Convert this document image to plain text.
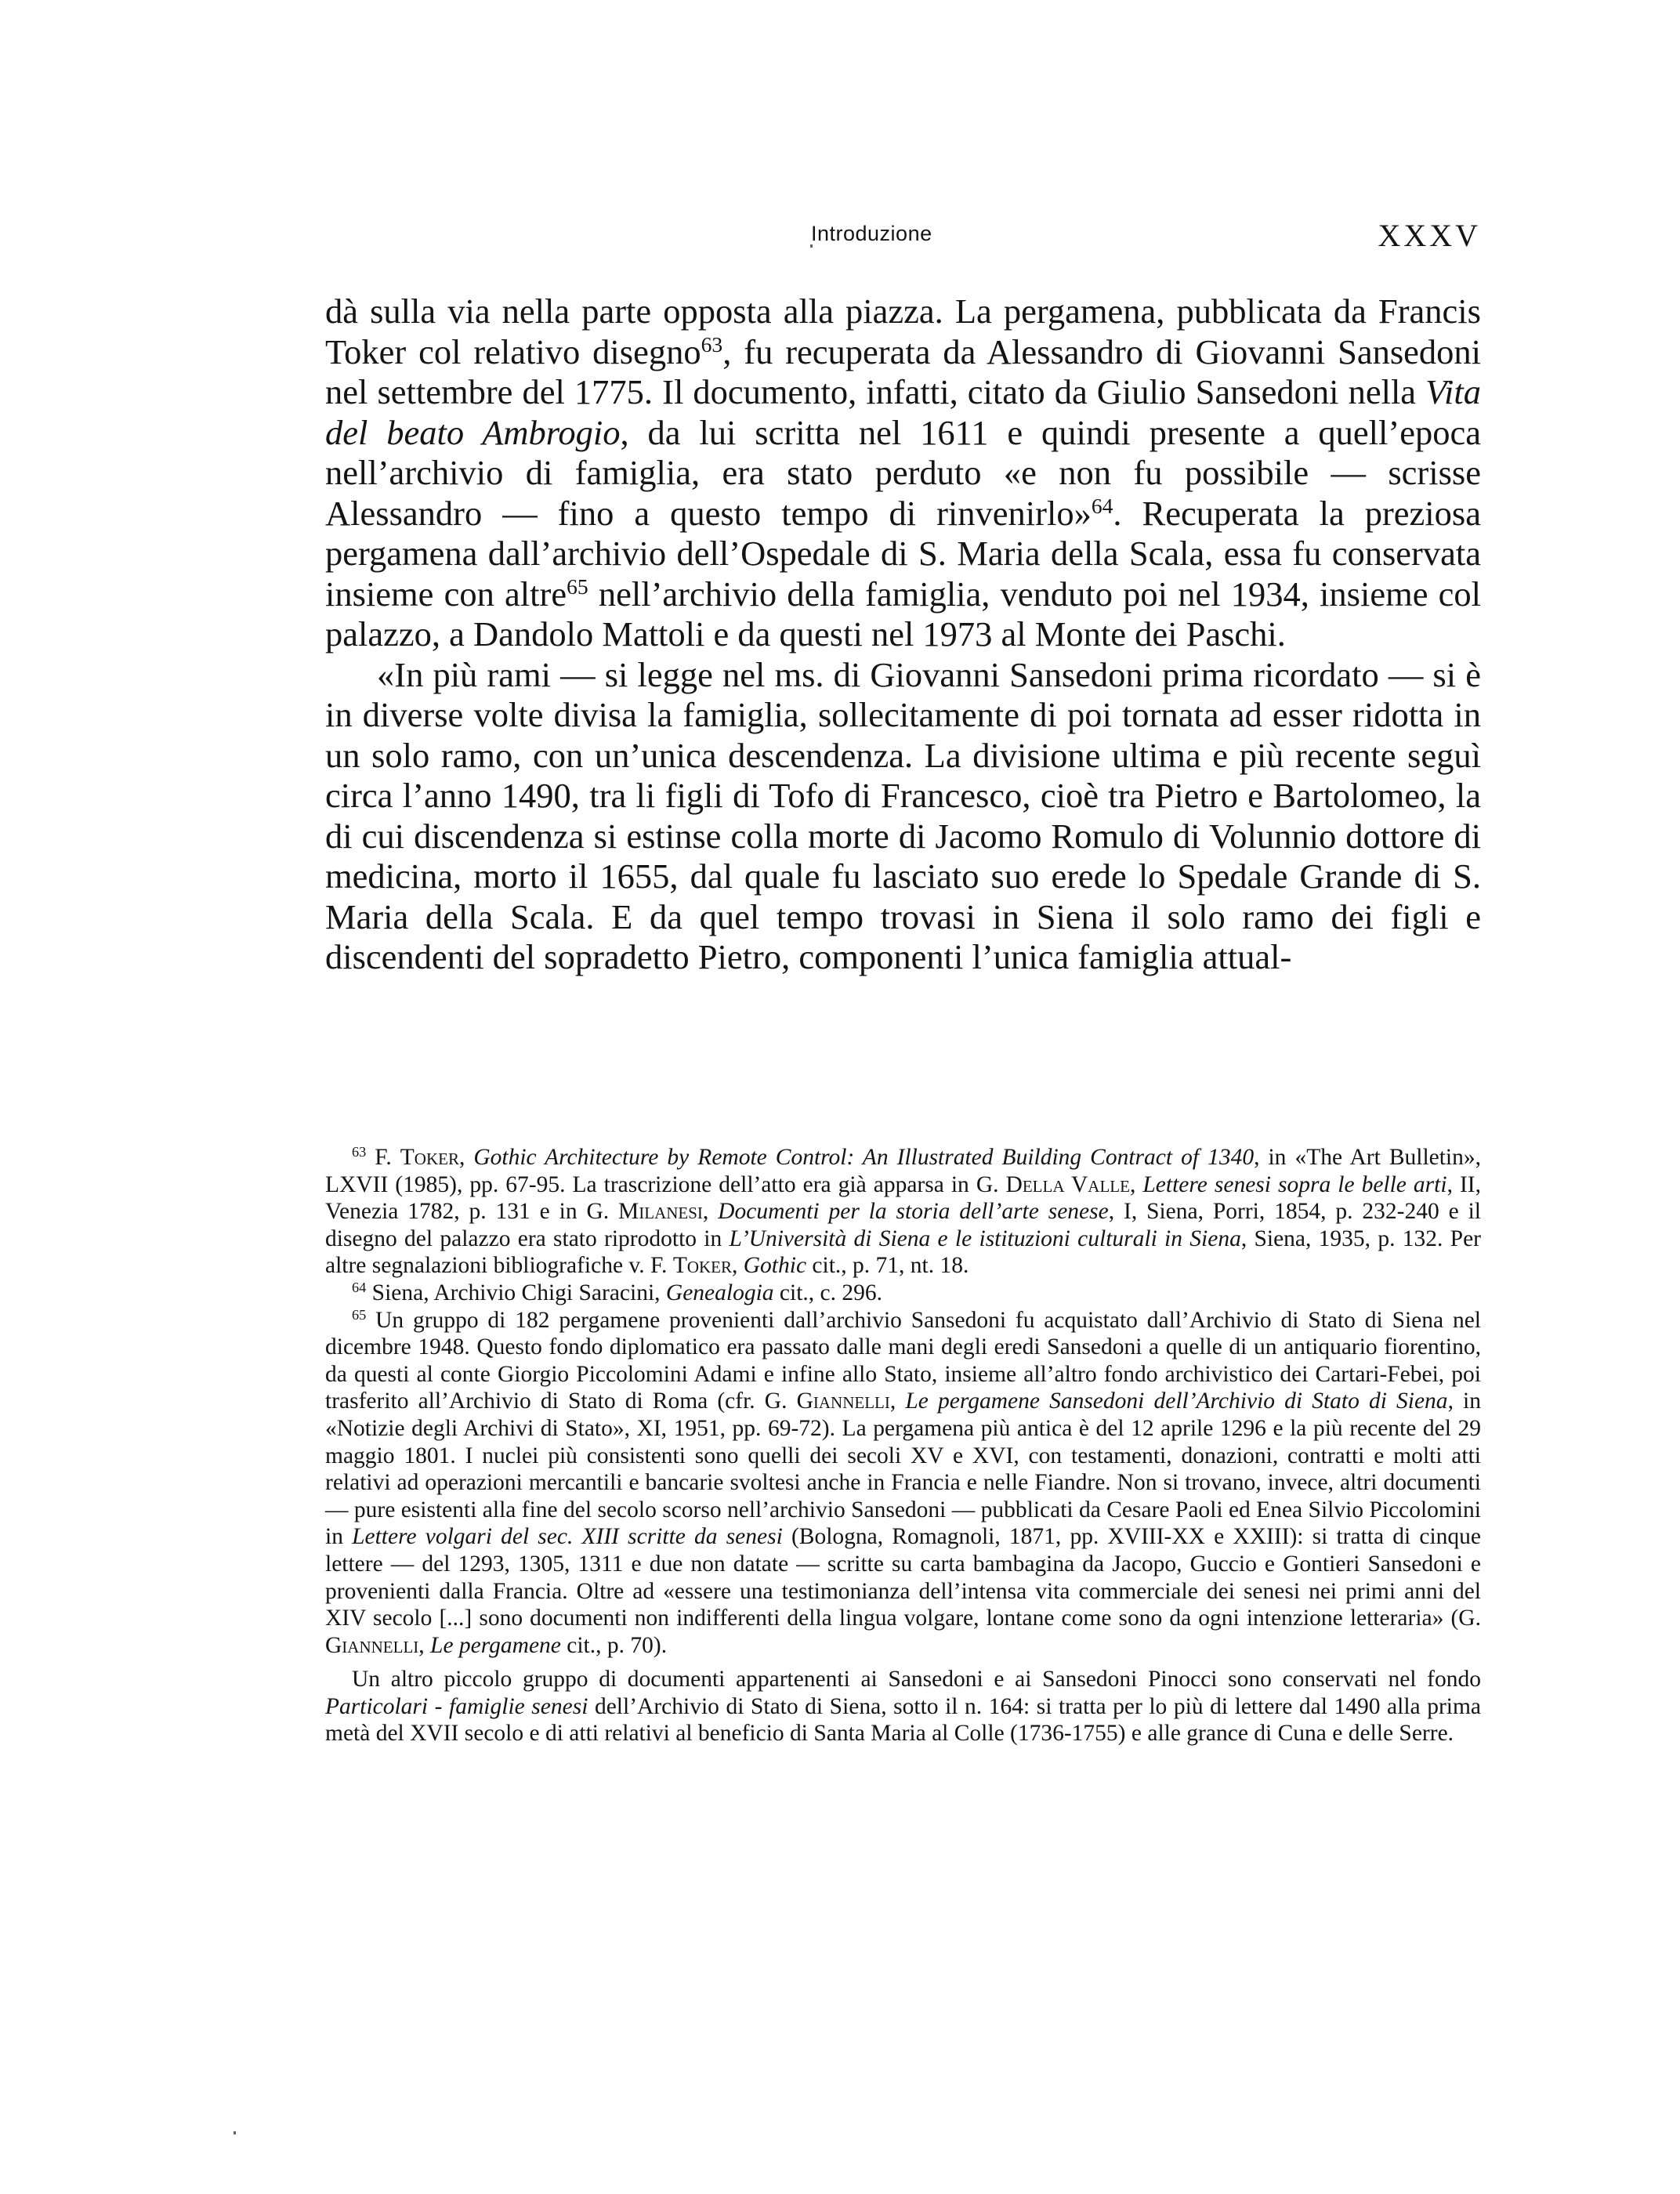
Introduzione	XXXV

dà sulla via nella parte opposta alla piazza. La pergamena, pubblicata da Francis Toker col relativo disegno$^{63}$, fu recuperata da Alessandro di Giovanni Sansedoni nel settembre del 1775. Il documento, infatti, citato da Giulio Sansedoni nella Vita del beato Ambrogio, da lui scritta nel 1611 e quindi presente a quell’epoca nell’archivio di famiglia, era stato perduto «e non fu possibile — scrisse Alessandro — fino a questo tempo di rinvenirlo»$^{64}$. Recuperata la preziosa pergamena dall’archivio dell’Ospedale di S. Maria della Scala, essa fu conservata insieme con altre$^{65}$ nell’archivio della famiglia, venduto poi nel 1934, insieme col palazzo, a Dandolo Mattoli e da questi nel 1973 al Monte dei Paschi.

«In più rami — si legge nel ms. di Giovanni Sansedoni prima ricordato — si è in diverse volte divisa la famiglia, sollecitamente di poi tornata ad esser ridotta in un solo ramo, con un’unica descendenza. La divisione ultima e più recente seguì circa l’anno 1490, tra li figli di Tofo di Francesco, cioè tra Pietro e Bartolomeo, la di cui discendenza si estinse colla morte di Jacomo Romulo di Volunnio dottore di medicina, morto il 1655, dal quale fu lasciato suo erede lo Spedale Grande di S. Maria della Scala. E da quel tempo trovasi in Siena il solo ramo dei figli e discendenti del sopradetto Pietro, componenti l’unica famiglia attual-

$^{63}$ F. Toker, Gothic Architecture by Remote Control: An Illustrated Building Contract of 1340, in «The Art Bulletin», LXVII (1985), pp. 67-95. La trascrizione dell’atto era già apparsa in G. Della Valle, Lettere senesi sopra le belle arti, II, Venezia 1782, p. 131 e in G. Milanesi, Documenti per la storia dell’arte senese, I, Siena, Porri, 1854, p. 232-240 e il disegno del palazzo era stato riprodotto in L’Università di Siena e le istituzioni culturali in Siena, Siena, 1935, p. 132. Per altre segnalazioni bibliografiche v. F. Toker, Gothic cit., p. 71, nt. 18.

$^{64}$ Siena, Archivio Chigi Saracini, Genealogia cit., c. 296.

$^{65}$ Un gruppo di 182 pergamene provenienti dall’archivio Sansedoni fu acquistato dall’Archivio di Stato di Siena nel dicembre 1948. Questo fondo diplomatico era passato dalle mani degli eredi Sansedoni a quelle di un antiquario fiorentino, da questi al conte Giorgio Piccolomini Adami e infine allo Stato, insieme all’altro fondo archivistico dei Cartari-Febei, poi trasferito all’Archivio di Stato di Roma (cfr. G. Giannelli, Le pergamene Sansedoni dell’Archivio di Stato di Siena, in «Notizie degli Archivi di Stato», XI, 1951, pp. 69-72). La pergamena più antica è del 12 aprile 1296 e la più recente del 29 maggio 1801. I nuclei più consistenti sono quelli dei secoli XV e XVI, con testamenti, donazioni, contratti e molti atti relativi ad operazioni mercantili e bancarie svoltesi anche in Francia e nelle Fiandre. Non si trovano, invece, altri documenti — pure esistenti alla fine del secolo scorso nell’archivio Sansedoni — pubblicati da Cesare Paoli ed Enea Silvio Piccolomini in Lettere volgari del sec. XIII scritte da senesi (Bologna, Romagnoli, 1871, pp. XVIII-XX e XXIII): si tratta di cinque lettere — del 1293, 1305, 1311 e due non datate — scritte su carta bambagina da Jacopo, Guccio e Gontieri Sansedoni e provenienti dalla Francia. Oltre ad «essere una testimonianza dell’intensa vita commerciale dei senesi nei primi anni del XIV secolo [...] sono documenti non indifferenti della lingua volgare, lontane come sono da ogni intenzione letteraria» (G. Giannelli, Le pergamene cit., p. 70).

Un altro piccolo gruppo di documenti appartenenti ai Sansedoni e ai Sansedoni Pinocci sono conservati nel fondo Particolari - famiglie senesi dell’Archivio di Stato di Siena, sotto il n. 164: si tratta per lo più di lettere dal 1490 alla prima metà del XVII secolo e di atti relativi al beneficio di Santa Maria al Colle (1736-1755) e alle grance di Cuna e delle Serre.
